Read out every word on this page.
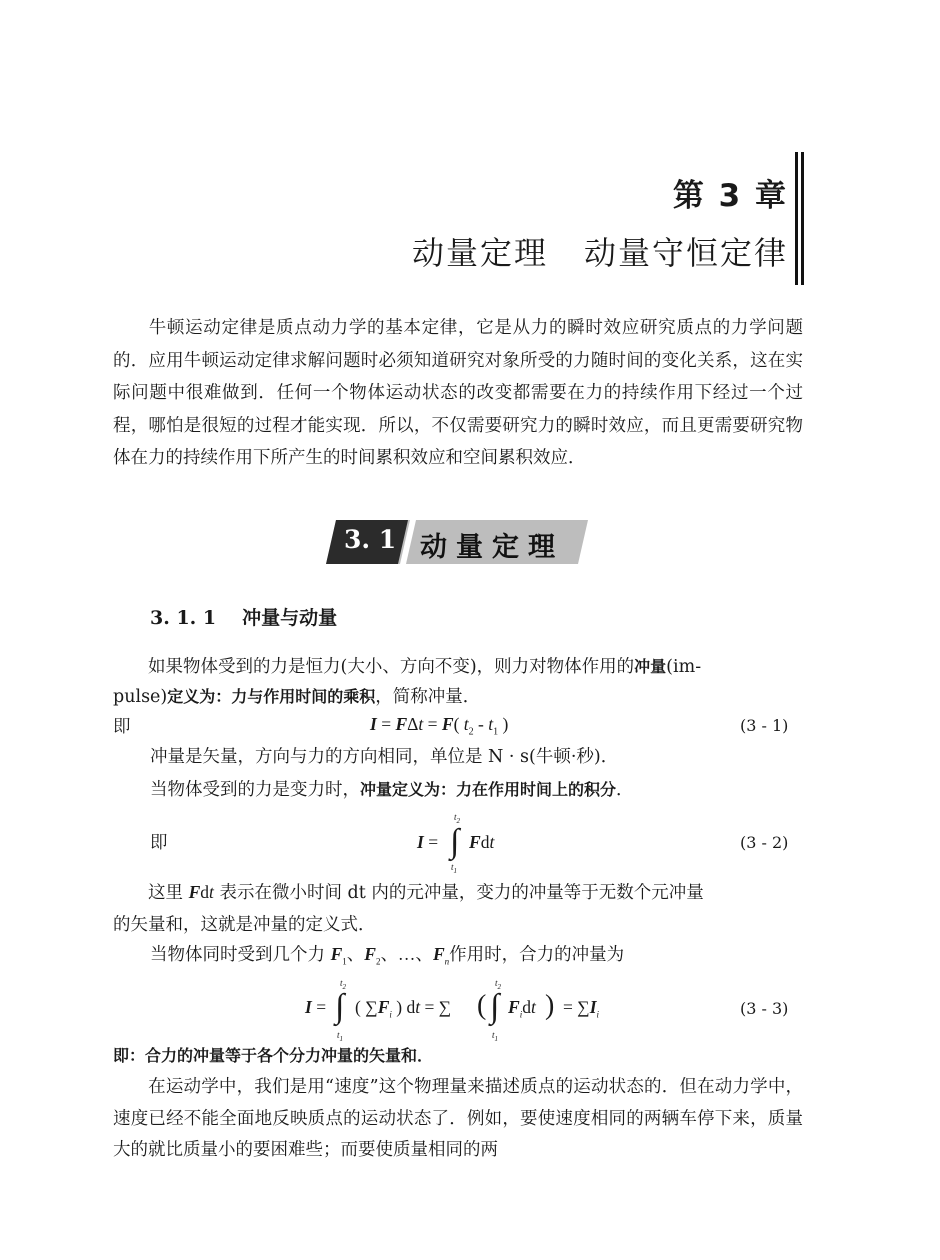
第 3 章
动量定理 动量守恒定律
牛顿运动定律是质点动力学的基本定律，它是从力的瞬时效应研究质点的力学问题的．应用牛顿运动定律求解问题时必须知道研究对象所受的力随时间的变化关系，这在实际问题中很难做到．任何一个物体运动状态的改变都需要在力的持续作用下经过一个过程，哪怕是很短的过程才能实现．所以，不仅需要研究力的瞬时效应，而且更需要研究物体在力的持续作用下所产生的时间累积效应和空间累积效应．
3. 1 动量定理
3. 1. 1 冲量与动量
如果物体受到的力是恒力(大小、方向不变)，则力对物体作用的冲量(im-
pulse)定义为：力与作用时间的乘积，简称冲量．
即	I = FΔt = F( $t_2 - t_1$ )	(3 - 1)
冲量是矢量，方向与力的方向相同，单位是 N · s(牛顿·秒)．
当物体受到的力是变力时，冲量定义为：力在作用时间上的积分．
即
$t_2$
I = ∫ Fdt
$t_1$
(3 - 2)
这里 Fdt 表示在微小时间 dt 内的元冲量，变力的冲量等于无数个元冲量
的矢量和，这就是冲量的定义式．
当物体同时受到几个力 $F_1$、$F_2$、…、$F_n$作用时，合力的冲量为
$t_2$
I = ∫ ( $\sum F_i$ ) dt = ∑
$t_2$
( ∫ $F_idt$ ) = $\sum I_i$
$t_1$	$t_1$
(3 - 3)
即：合力的冲量等于各个分力冲量的矢量和．
在运动学中，我们是用“速度”这个物理量来描述质点的运动状态的．但在动力学中，速度已经不能全面地反映质点的运动状态了．例如，要使速度相同的两辆车停下来，质量大的就比质量小的要困难些；而要使质量相同的两
